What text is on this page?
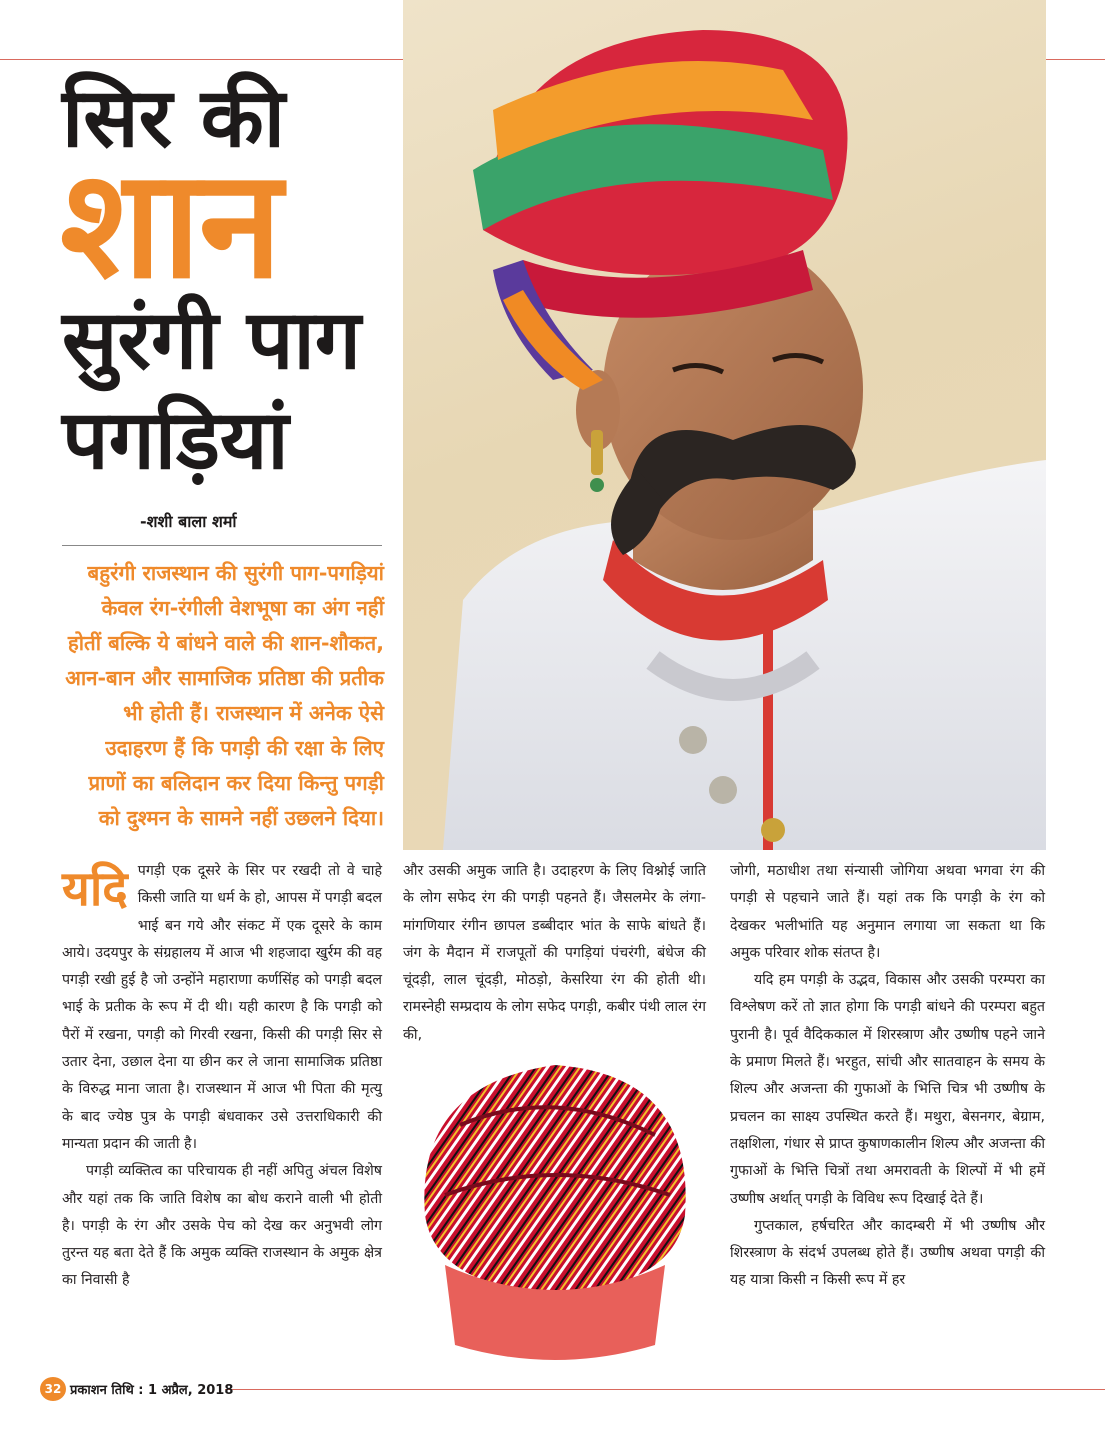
सिर की
शान
सुरंगी पाग
पगड़ियां
-शशी बाला शर्मा
बहुरंगी राजस्थान की सुरंगी पाग-पगड़ियां केवल रंग-रंगीली वेशभूषा का अंग नहीं होतीं बल्कि ये बांधने वाले की शान-शौकत, आन-बान और सामाजिक प्रतिष्ठा की प्रतीक भी होती हैं। राजस्थान में अनेक ऐसे उदाहरण हैं कि पगड़ी की रक्षा के लिए प्राणों का बलिदान कर दिया किन्तु पगड़ी को दुश्मन के सामने नहीं उछलने दिया।

यदि पगड़ी एक दूसरे के सिर पर रखदी तो वे चाहे किसी जाति या धर्म के हो, आपस में पगड़ी बदल भाई बन गये और संकट में एक दूसरे के काम आये। उदयपुर के संग्रहालय में आज भी शहजादा खुर्रम की वह पगड़ी रखी हुई है जो उन्होंने महाराणा कर्णसिंह को पगड़ी बदल भाई के प्रतीक के रूप में दी थी। यही कारण है कि पगड़ी को पैरों में रखना, पगड़ी को गिरवी रखना, किसी की पगड़ी सिर से उतार देना, उछाल देना या छीन कर ले जाना सामाजिक प्रतिष्ठा के विरुद्ध माना जाता है। राजस्थान में आज भी पिता की मृत्यु के बाद ज्येष्ठ पुत्र के पगड़ी बंधवाकर उसे उत्तराधिकारी की मान्यता प्रदान की जाती है।

पगड़ी व्यक्तित्व का परिचायक ही नहीं अपितु अंचल विशेष और यहां तक कि जाति विशेष का बोध कराने वाली भी होती है। पगड़ी के रंग और उसके पेच को देख कर अनुभवी लोग तुरन्त यह बता देते हैं कि अमुक व्यक्ति राजस्थान के अमुक क्षेत्र का निवासी है

और उसकी अमुक जाति है। उदाहरण के लिए विश्नोई जाति के लोग सफेद रंग की पगड़ी पहनते हैं। जैसलमेर के लंगा-मांगणियार रंगीन छापल डब्बीदार भांत के साफे बांधते हैं। जंग के मैदान में राजपूतों की पगड़ियां पंचरंगी, बंधेज की चूंदड़ी, लाल चूंदड़ी, मोठड़ो, केसरिया रंग की होती थी। रामस्नेही सम्प्रदाय के लोग सफेद पगड़ी, कबीर पंथी लाल रंग की,

जोगी, मठाधीश तथा संन्यासी जोगिया अथवा भगवा रंग की पगड़ी से पहचाने जाते हैं। यहां तक कि पगड़ी के रंग को देखकर भलीभांति यह अनुमान लगाया जा सकता था कि अमुक परिवार शोक संतप्त है।

यदि हम पगड़ी के उद्भव, विकास और उसकी परम्परा का विश्लेषण करें तो ज्ञात होगा कि पगड़ी बांधने की परम्परा बहुत पुरानी है। पूर्व वैदिककाल में शिरस्त्राण और उष्णीष पहने जाने के प्रमाण मिलते हैं। भरहुत, सांची और सातवाहन के समय के शिल्प और अजन्ता की गुफाओं के भित्ति चित्र भी उष्णीष के प्रचलन का साक्ष्य उपस्थित करते हैं। मथुरा, बेसनगर, बेग्राम, तक्षशिला, गंधार से प्राप्त कुषाणकालीन शिल्प और अजन्ता की गुफाओं के भित्ति चित्रों तथा अमरावती के शिल्पों में भी हमें उष्णीष अर्थात् पगड़ी के विविध रूप दिखाई देते हैं।

गुप्तकाल, हर्षचरित और कादम्बरी में भी उष्णीष और शिरस्त्राण के संदर्भ उपलब्ध होते हैं। उष्णीष अथवा पगड़ी की यह यात्रा किसी न किसी रूप में हर

32 प्रकाशन तिथि : 1 अप्रैल, 2018
